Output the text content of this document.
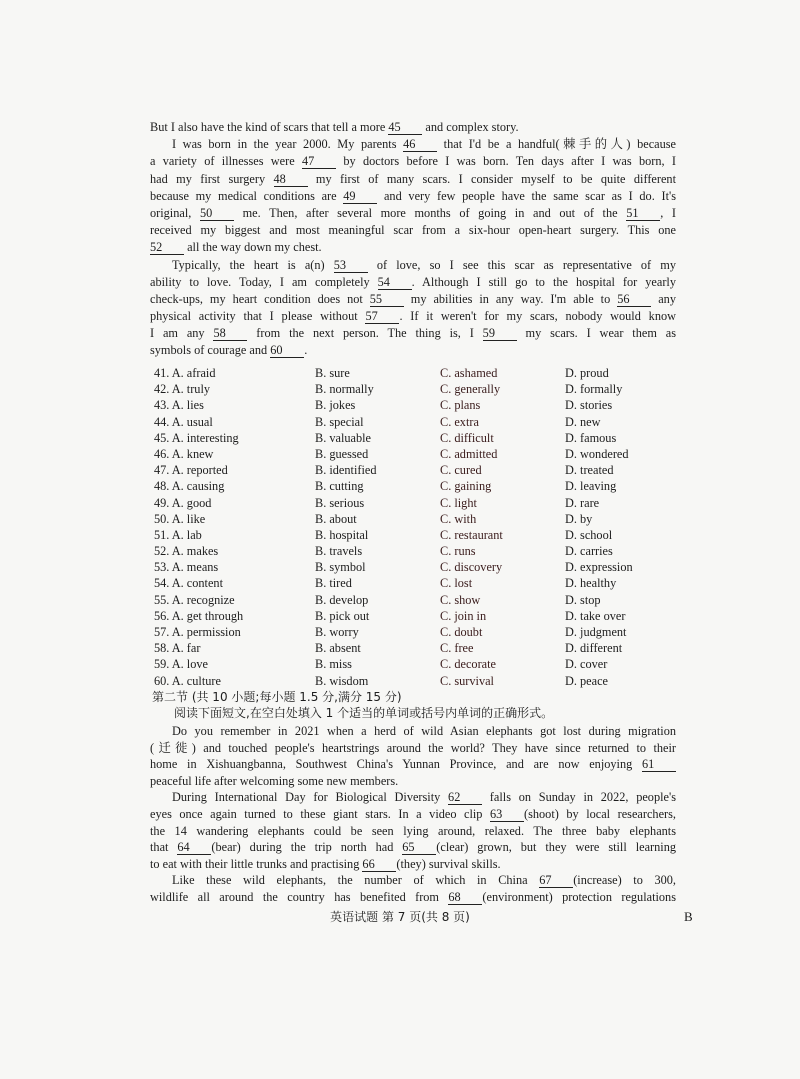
But I also have the kind of scars that tell a more 45 and complex story.
I was born in the year 2000. My parents 46 that I'd be a handful(棘手的人) because
a variety of illnesses were 47 by doctors before I was born. Ten days after I was born, I
had my first surgery 48 my first of many scars. I consider myself to be quite different
because my medical conditions are 49 and very few people have the same scar as I do. It's
original, 50 me. Then, after several more months of going in and out of the 51 , I
received my biggest and most meaningful scar from a six-hour open-heart surgery. This one
52 all the way down my chest.
Typically, the heart is a(n) 53 of love, so I see this scar as representative of my
ability to love. Today, I am completely 54 . Although I still go to the hospital for yearly
check-ups, my heart condition does not 55 my abilities in any way. I'm able to 56 any
physical activity that I please without 57 . If it weren't for my scars, nobody would know
I am any 58 from the next person. The thing is, I 59 my scars. I wear them as
symbols of courage and 60 .
41. A. afraid	B. sure	C. ashamed	D. proud
42. A. truly	B. normally	C. generally	D. formally
43. A. lies	B. jokes	C. plans	D. stories
44. A. usual	B. special	C. extra	D. new
45. A. interesting	B. valuable	C. difficult	D. famous
46. A. knew	B. guessed	C. admitted	D. wondered
47. A. reported	B. identified	C. cured	D. treated
48. A. causing	B. cutting	C. gaining	D. leaving
49. A. good	B. serious	C. light	D. rare
50. A. like	B. about	C. with	D. by
51. A. lab	B. hospital	C. restaurant	D. school
52. A. makes	B. travels	C. runs	D. carries
53. A. means	B. symbol	C. discovery	D. expression
54. A. content	B. tired	C. lost	D. healthy
55. A. recognize	B. develop	C. show	D. stop
56. A. get through	B. pick out	C. join in	D. take over
57. A. permission	B. worry	C. doubt	D. judgment
58. A. far	B. absent	C. free	D. different
59. A. love	B. miss	C. decorate	D. cover
60. A. culture	B. wisdom	C. survival	D. peace
第二节 (共 10 小题;每小题 1.5 分,满分 15 分)
阅读下面短文,在空白处填入 1 个适当的单词或括号内单词的正确形式。
Do you remember in 2021 when a herd of wild Asian elephants got lost during migration
(迁徙) and touched people's heartstrings around the world? They have since returned to their
home in Xishuangbanna, Southwest China's Yunnan Province, and are now enjoying 61
peaceful life after welcoming some new members.
During International Day for Biological Diversity 62 falls on Sunday in 2022, people's
eyes once again turned to these giant stars. In a video clip 63 (shoot) by local researchers,
the 14 wandering elephants could be seen lying around, relaxed. The three baby elephants
that 64 (bear) during the trip north had 65 (clear) grown, but they were still learning
to eat with their little trunks and practising 66 (they) survival skills.
Like these wild elephants, the number of which in China 67 (increase) to 300,
wildlife all around the country has benefited from 68 (environment) protection regulations
英语试题 第 7 页(共 8 页)	B
